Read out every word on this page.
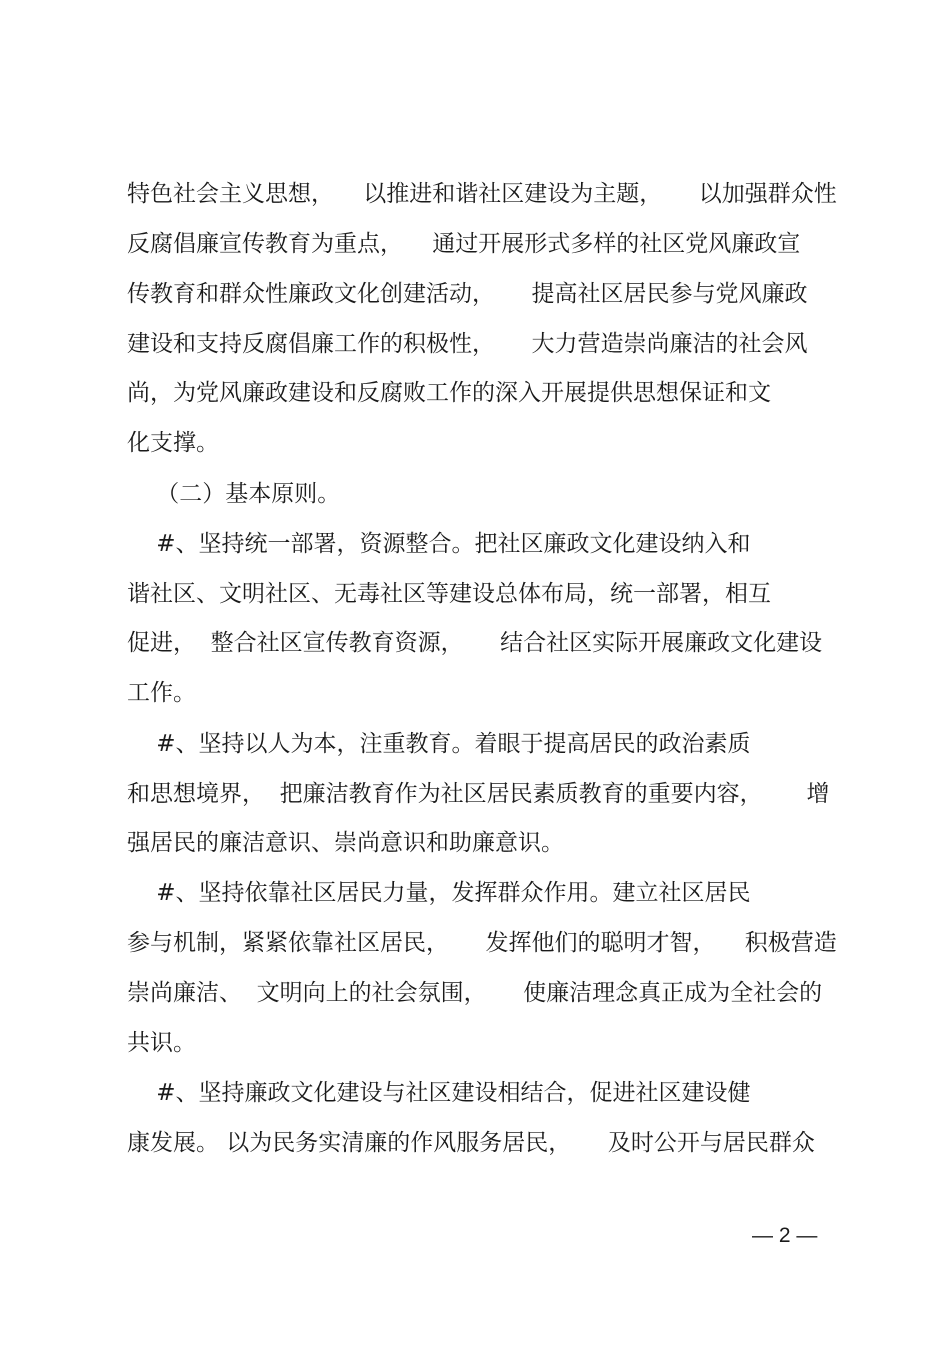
特色社会主义思想，    以推进和谐社区建设为主题，     以加强群众性
反腐倡廉宣传教育为重点，    通过开展形式多样的社区党风廉政宣
传教育和群众性廉政文化创建活动，     提高社区居民参与党风廉政
建设和支持反腐倡廉工作的积极性，     大力营造崇尚廉洁的社会风
尚，为党风廉政建设和反腐败工作的深入开展提供思想保证和文
化支撑。
（二）基本原则。
#、坚持统一部署，资源整合。把社区廉政文化建设纳入和
谐社区、文明社区、无毒社区等建设总体布局，统一部署，相互
促进，  整合社区宣传教育资源，     结合社区实际开展廉政文化建设
工作。
#、坚持以人为本，注重教育。着眼于提高居民的政治素质
和思想境界，  把廉洁教育作为社区居民素质教育的重要内容，      增
强居民的廉洁意识、崇尚意识和助廉意识。
#、坚持依靠社区居民力量，发挥群众作用。建立社区居民
参与机制，紧紧依靠社区居民，     发挥他们的聪明才智，    积极营造
崇尚廉洁、  文明向上的社会氛围，     使廉洁理念真正成为全社会的
共识。
#、坚持廉政文化建设与社区建设相结合，促进社区建设健
康发展。 以为民务实清廉的作风服务居民，     及时公开与居民群众
— 2 —
